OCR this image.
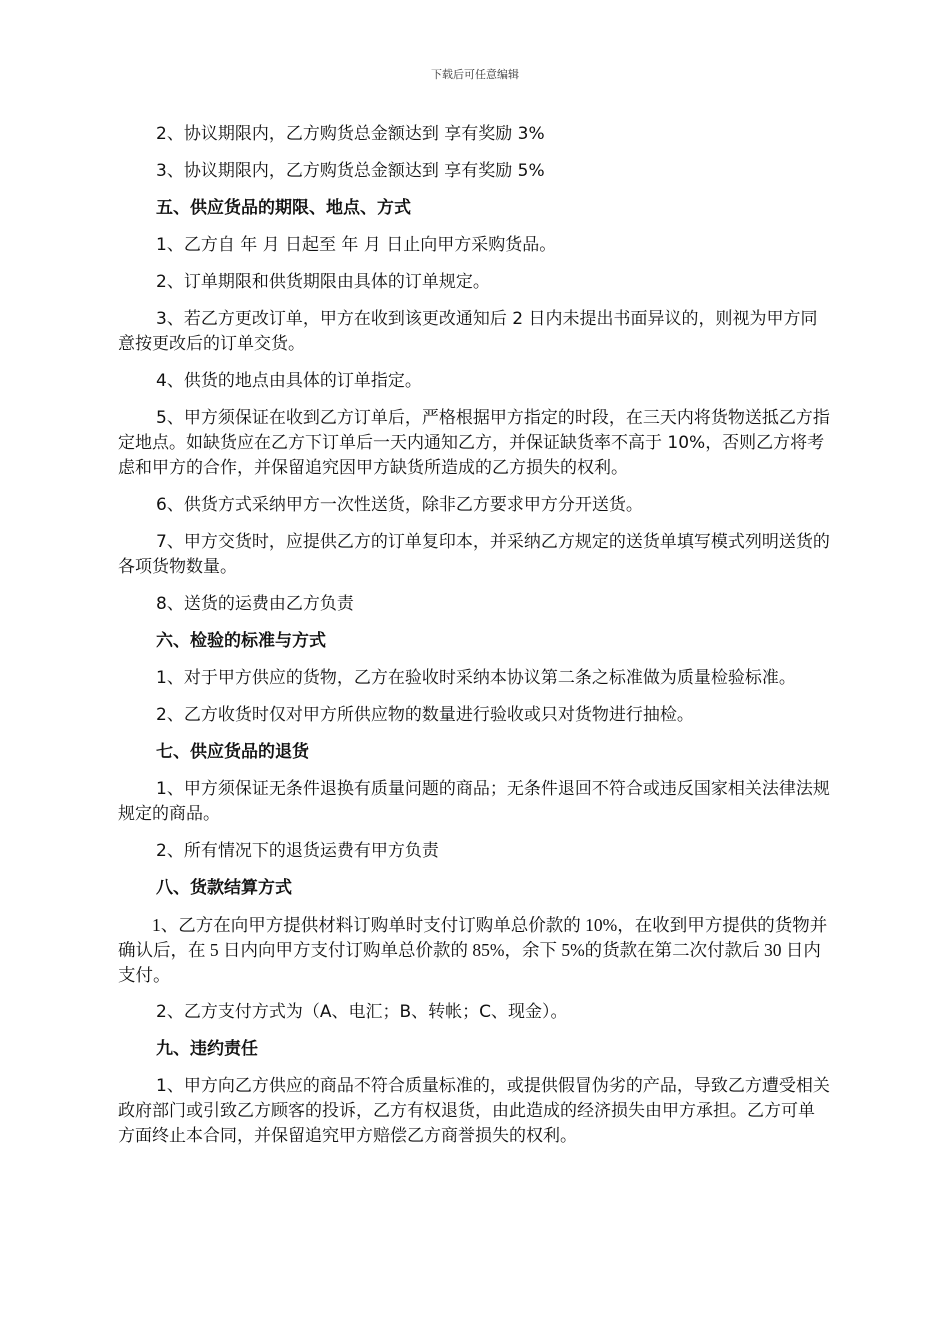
下载后可任意编辑

2、协议期限内，乙方购货总金额达到 享有奖励 3%

3、协议期限内，乙方购货总金额达到 享有奖励 5%

五、供应货品的期限、地点、方式

1、乙方自 年 月 日起至 年 月 日止向甲方采购货品。

2、订单期限和供货期限由具体的订单规定。

3、若乙方更改订单，甲方在收到该更改通知后 2 日内未提出书面异议的，则视为甲方同意按更改后的订单交货。

4、供货的地点由具体的订单指定。

5、甲方须保证在收到乙方订单后，严格根据甲方指定的时段，在三天内将货物送抵乙方指定地点。如缺货应在乙方下订单后一天内通知乙方，并保证缺货率不高于 10%，否则乙方将考虑和甲方的合作，并保留追究因甲方缺货所造成的乙方损失的权利。

6、供货方式采纳甲方一次性送货，除非乙方要求甲方分开送货。

7、甲方交货时，应提供乙方的订单复印本，并采纳乙方规定的送货单填写模式列明送货的各项货物数量。

8、送货的运费由乙方负责

六、检验的标准与方式

1、对于甲方供应的货物，乙方在验收时采纳本协议第二条之标准做为质量检验标准。

2、乙方收货时仅对甲方所供应物的数量进行验收或只对货物进行抽检。

七、供应货品的退货

1、甲方须保证无条件退换有质量问题的商品；无条件退回不符合或违反国家相关法律法规规定的商品。

2、所有情况下的退货运费有甲方负责

八、货款结算方式

1、乙方在向甲方提供材料订购单时支付订购单总价款的 10%，在收到甲方提供的货物并确认后，在 5 日内向甲方支付订购单总价款的 85%，余下 5%的货款在第二次付款后 30 日内支付。

2、乙方支付方式为（A、电汇；B、转帐；C、现金）。

九、违约责任

1、甲方向乙方供应的商品不符合质量标准的，或提供假冒伪劣的产品，导致乙方遭受相关政府部门或引致乙方顾客的投诉，乙方有权退货，由此造成的经济损失由甲方承担。乙方可单方面终止本合同，并保留追究甲方赔偿乙方商誉损失的权利。
